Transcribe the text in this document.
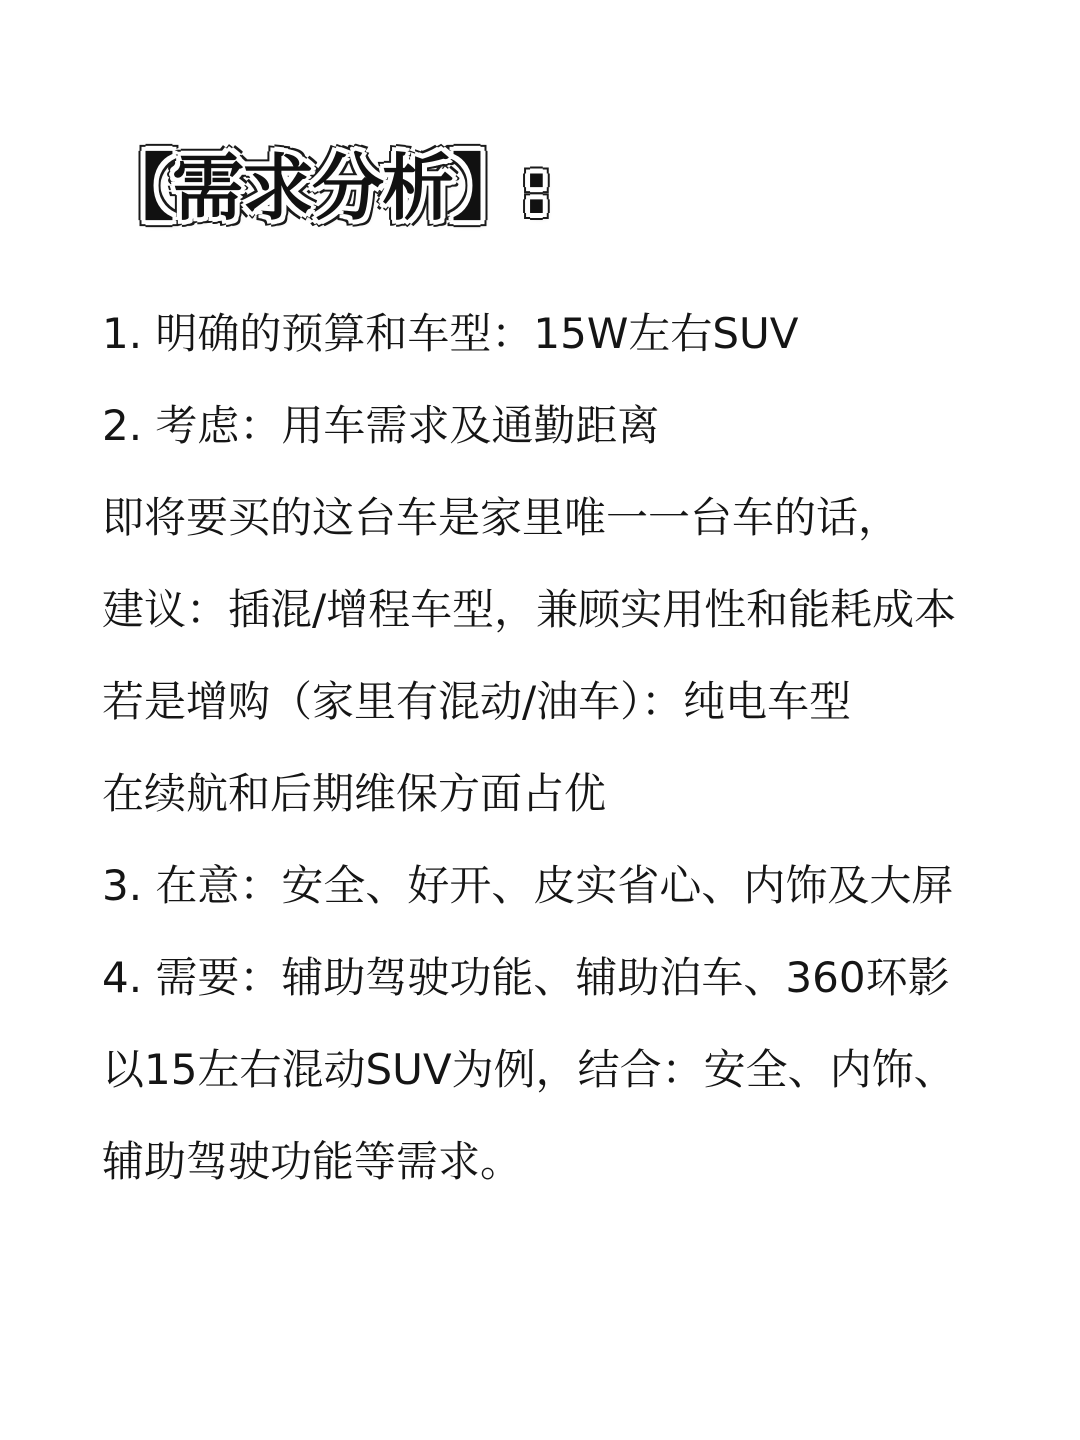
【需求分析】:
1. 明确的预算和车型：15W左右SUV
2. 考虑：用车需求及通勤距离
即将要买的这台车是家里唯一一台车的话，
建议：插混/增程车型，兼顾实用性和能耗成本
若是增购（家里有混动/油车）：纯电车型
在续航和后期维保方面占优
3. 在意：安全、好开、皮实省心、内饰及大屏
4. 需要：辅助驾驶功能、辅助泊车、360环影
以15左右混动SUV为例，结合：安全、内饰、
辅助驾驶功能等需求。
